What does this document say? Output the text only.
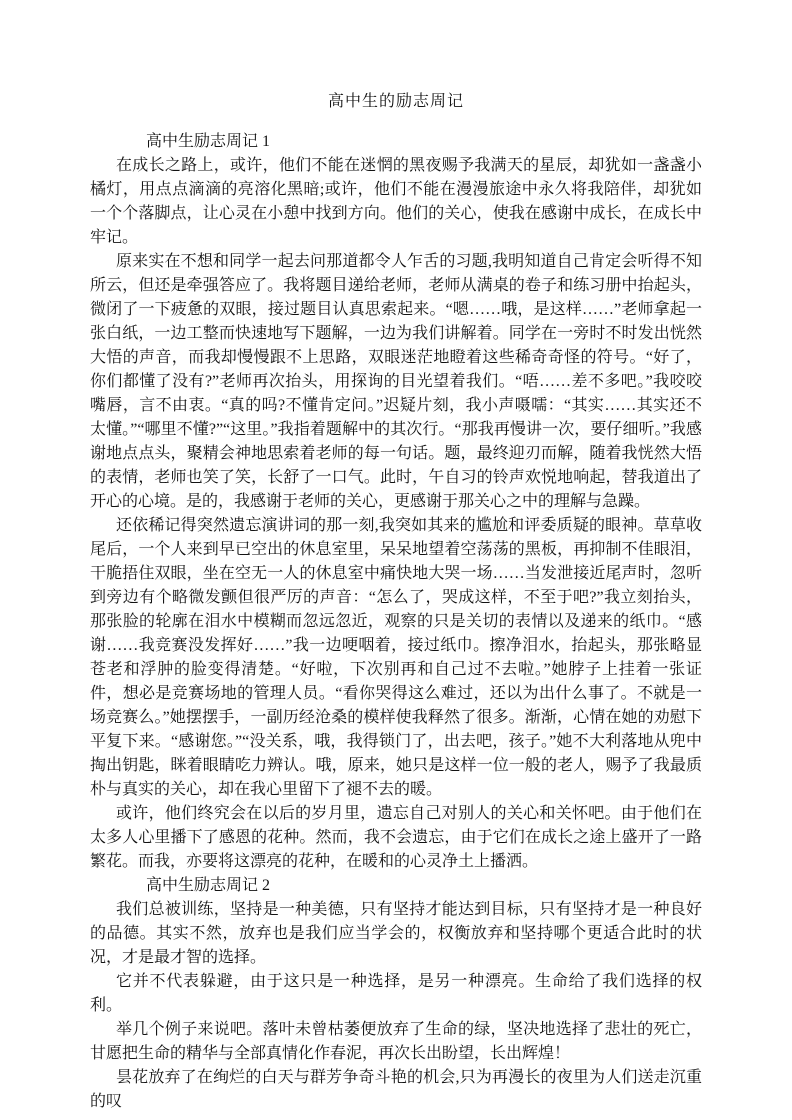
高中生的励志周记

高中生励志周记 1

在成长之路上，或许，他们不能在迷惘的黑夜赐予我满天的星辰，却犹如一盏盏小橘灯，用点点滴滴的亮溶化黑暗;或许，他们不能在漫漫旅途中永久将我陪伴，却犹如一个个落脚点，让心灵在小憩中找到方向。他们的关心，使我在感谢中成长，在成长中牢记。

原来实在不想和同学一起去问那道都令人乍舌的习题,我明知道自己肯定会听得不知所云，但还是牵强答应了。我将题目递给老师，老师从满桌的卷子和练习册中抬起头，微闭了一下疲惫的双眼，接过题目认真思索起来。“嗯……哦，是这样……”老师拿起一张白纸，一边工整而快速地写下题解，一边为我们讲解着。同学在一旁时不时发出恍然大悟的声音，而我却慢慢跟不上思路，双眼迷茫地瞪着这些稀奇奇怪的符号。“好了，你们都懂了没有?”老师再次抬头，用探询的目光望着我们。“唔……差不多吧。”我咬咬嘴唇，言不由衷。“真的吗?不懂肯定问。”迟疑片刻，我小声嗫嚅：“其实……其实还不太懂。”“哪里不懂?”“这里。”我指着题解中的其次行。“那我再慢讲一次，要仔细听。”我感谢地点点头，聚精会神地思索着老师的每一句话。题，最终迎刃而解，随着我恍然大悟的表情，老师也笑了笑，长舒了一口气。此时，午自习的铃声欢悦地响起，替我道出了开心的心境。是的，我感谢于老师的关心，更感谢于那关心之中的理解与急躁。

还依稀记得突然遗忘演讲词的那一刻,我突如其来的尴尬和评委质疑的眼神。草草收尾后，一个人来到早已空出的休息室里，呆呆地望着空荡荡的黑板，再抑制不佳眼泪，干脆捂住双眼，坐在空无一人的休息室中痛快地大哭一场……当发泄接近尾声时，忽听到旁边有个略微发颤但很严厉的声音：“怎么了，哭成这样，不至于吧?”我立刻抬头，那张脸的轮廓在泪水中模糊而忽远忽近，观察的只是关切的表情以及递来的纸巾。“感谢……我竞赛没发挥好……”我一边哽咽着，接过纸巾。擦净泪水，抬起头，那张略显苍老和浮肿的脸变得清楚。“好啦，下次别再和自己过不去啦。”她脖子上挂着一张证件，想必是竞赛场地的管理人员。“看你哭得这么难过，还以为出什么事了。不就是一场竞赛么。”她摆摆手，一副历经沧桑的模样使我释然了很多。渐渐，心情在她的劝慰下平复下来。“感谢您。”“没关系，哦，我得锁门了，出去吧，孩子。”她不大利落地从兜中掏出钥匙，眯着眼睛吃力辨认。哦，原来，她只是这样一位一般的老人，赐予了我最质朴与真实的关心，却在我心里留下了褪不去的暖。

或许，他们终究会在以后的岁月里，遗忘自己对别人的关心和关怀吧。由于他们在太多人心里播下了感恩的花种。然而，我不会遗忘，由于它们在成长之途上盛开了一路繁花。而我，亦要将这漂亮的花种，在暖和的心灵净土上播洒。

高中生励志周记 2

我们总被训练，坚持是一种美德，只有坚持才能达到目标，只有坚持才是一种良好的品德。其实不然，放弃也是我们应当学会的，权衡放弃和坚持哪个更适合此时的状况，才是最才智的选择。

它并不代表躲避，由于这只是一种选择，是另一种漂亮。生命给了我们选择的权利。

举几个例子来说吧。落叶未曾枯萎便放弃了生命的绿，坚决地选择了悲壮的死亡，甘愿把生命的精华与全部真情化作春泥，再次长出盼望，长出辉煌！

昙花放弃了在绚烂的白天与群芳争奇斗艳的机会,只为再漫长的夜里为人们送走沉重的叹
